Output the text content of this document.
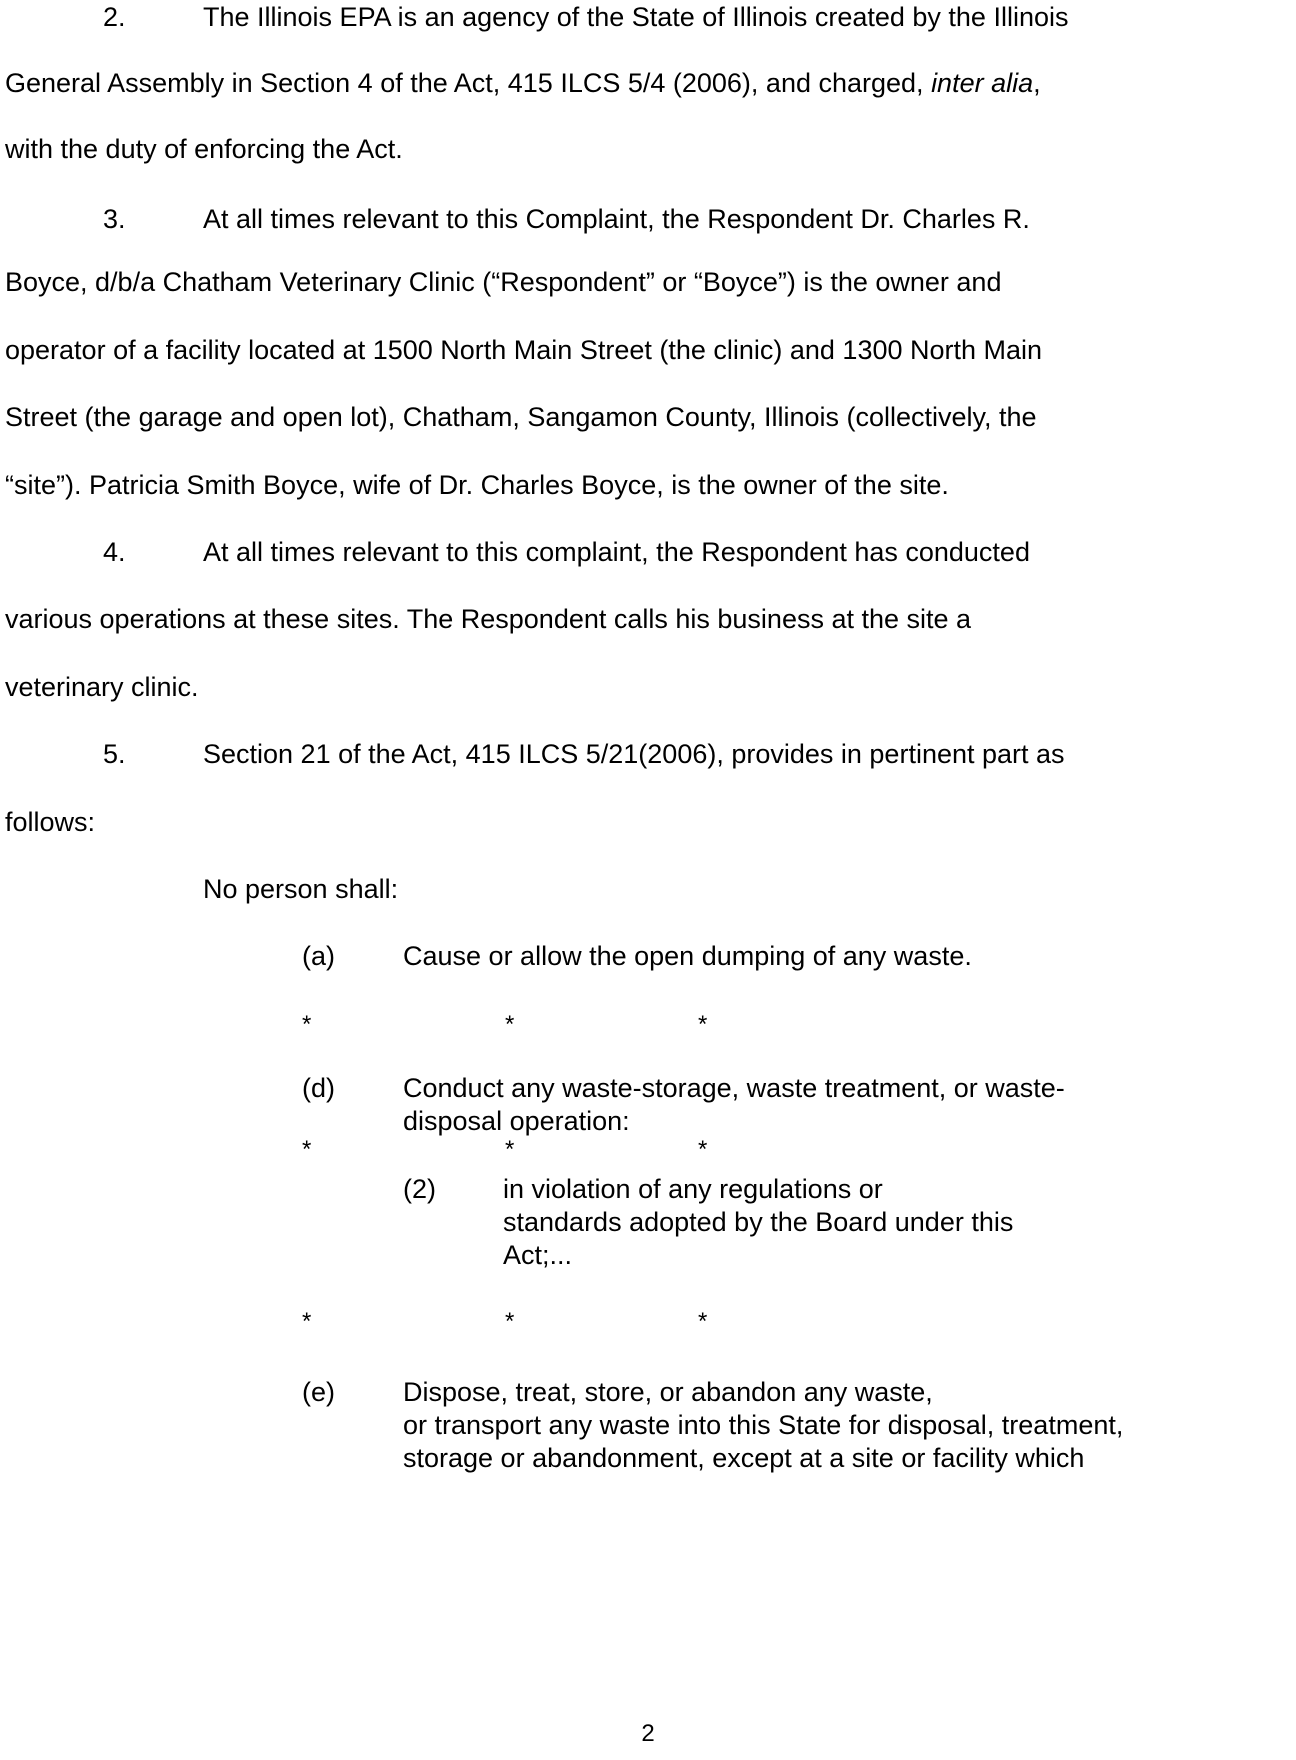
2.	The Illinois EPA is an agency of the State of Illinois created by the Illinois
General Assembly in Section 4 of the Act, 415 ILCS 5/4 (2006), and charged, inter alia,
with the duty of enforcing the Act.
3.	At all times relevant to this Complaint, the Respondent Dr. Charles R.
Boyce, d/b/a Chatham Veterinary Clinic (“Respondent” or “Boyce”) is the owner and
operator of a facility located at 1500 North Main Street (the clinic) and 1300 North Main
Street (the garage and open lot), Chatham, Sangamon County, Illinois (collectively, the
“site”). Patricia Smith Boyce, wife of Dr. Charles Boyce, is the owner of the site.
4.	At all times relevant to this complaint, the Respondent has conducted
various operations at these sites. The Respondent calls his business at the site a
veterinary clinic.
5.	Section 21 of the Act, 415 ILCS 5/21(2006), provides in pertinent part as
follows:
No person shall:
(a)	Cause or allow the open dumping of any waste.
*	*	*
(d)	Conduct any waste-storage, waste treatment, or waste-
disposal operation:
*	*	*
(2) in violation of any regulations or
standards adopted by the Board under this
Act;...
*	*	*
(e)	Dispose, treat, store, or abandon any waste,
or transport any waste into this State for disposal, treatment,
storage or abandonment, except at a site or facility which
2
